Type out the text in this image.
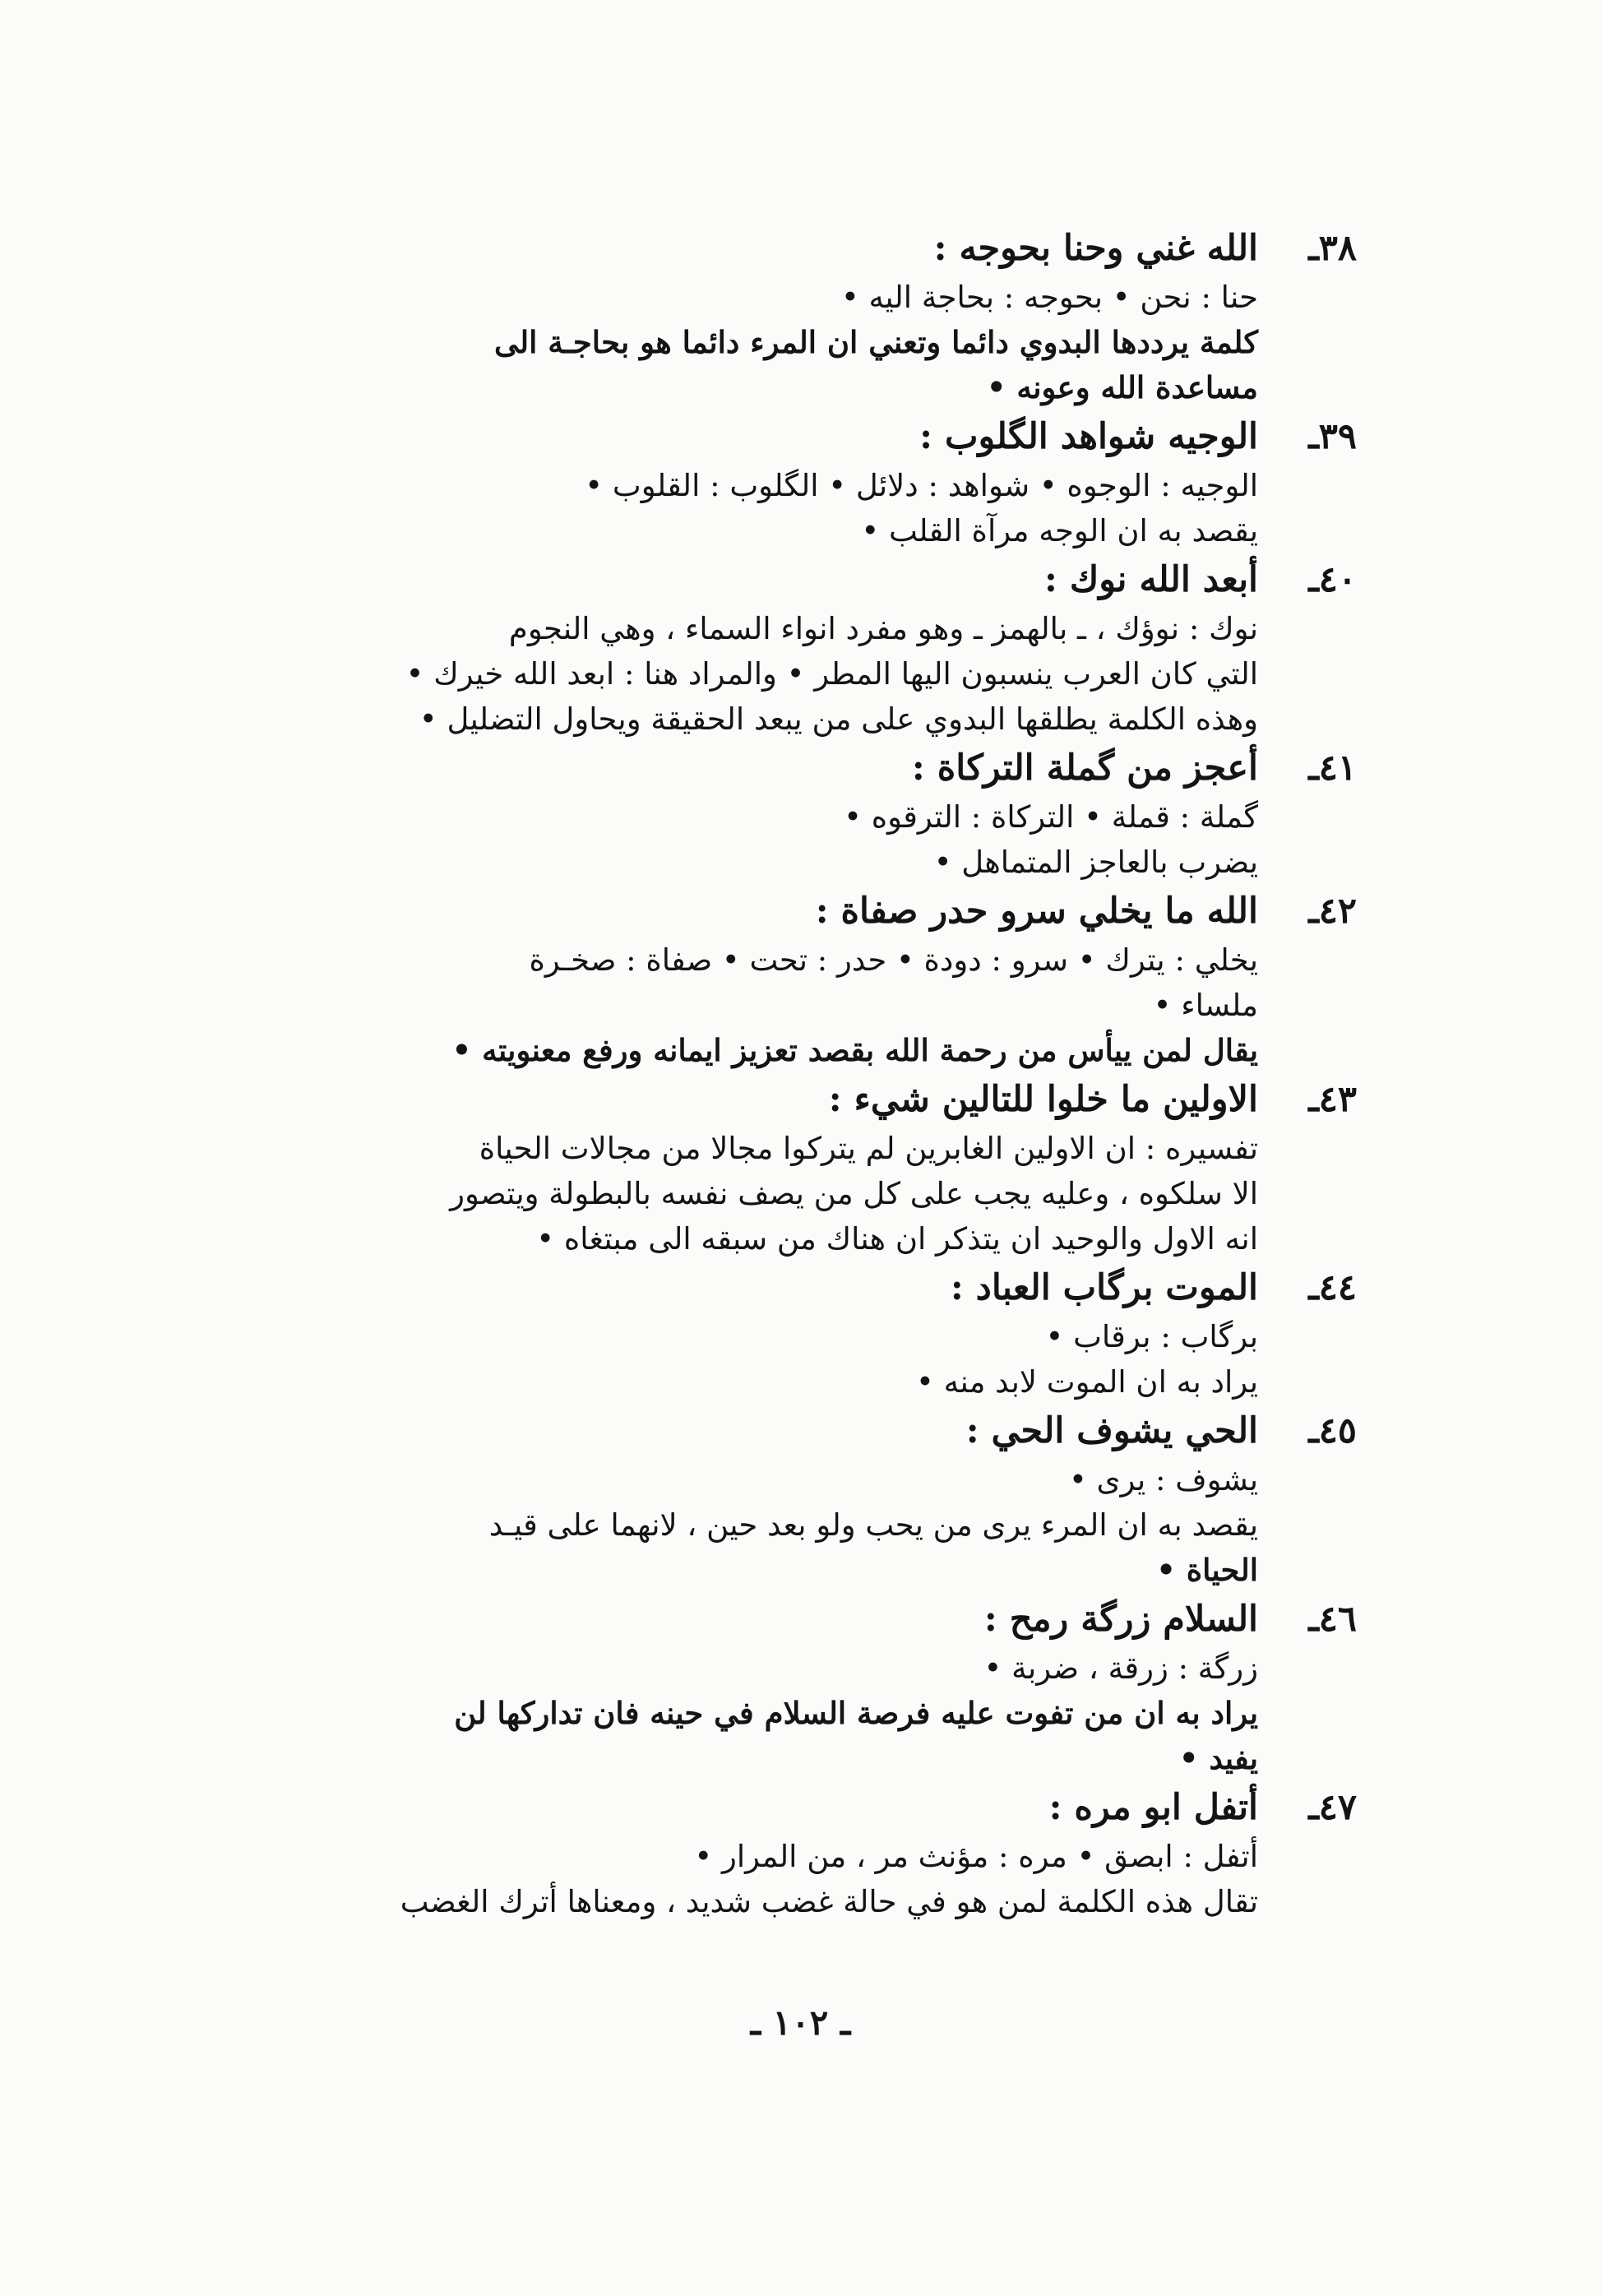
٣٨ـ
الله غني وحنا بحوجه :
حنا : نحن • بحوجه : بحاجة اليه •
كلمة يرددها البدوي دائما وتعني ان المرء دائما هو بحاجـة الى
مساعدة الله وعونه •
٣٩ـ
الوجيه شواهد الگلوب :
الوجيه : الوجوه • شواهد : دلائل • الگلوب : القلوب •
يقصد به ان الوجه مرآة القلب •
٤٠ـ
أبعد الله نوك :
نوك : نوؤك ، ـ بالهمز ـ وهو مفرد انواء السماء ، وهي النجوم
التي كان العرب ينسبون اليها المطر • والمراد هنا : ابعد الله خيرك •
وهذه الكلمة يطلقها البدوي على من يبعد الحقيقة ويحاول التضليل •
٤١ـ
أعجز من گملة التركاة :
گملة : قملة • التركاة : الترقوه •
يضرب بالعاجز المتماهل •
٤٢ـ
الله ما يخلي سرو حدر صفاة :
يخلي : يترك • سرو : دودة • حدر : تحت • صفاة : صخـرة
ملساء •
يقال لمن ييأس من رحمة الله بقصد تعزيز ايمانه ورفع معنويته •
٤٣ـ
الاولين ما خلوا للتالين شيء :
تفسيره : ان الاولين الغابرين لم يتركوا مجالا من مجالات الحياة
الا سلكوه ، وعليه يجب على كل من يصف نفسه بالبطولة ويتصور
انه الاول والوحيد ان يتذكر ان هناك من سبقه الى مبتغاه •
٤٤ـ
الموت برگاب العباد :
برگاب : برقاب •
يراد به ان الموت لابد منه •
٤٥ـ
الحي يشوف الحي :
يشوف : يرى •
يقصد به ان المرء يرى من يحب ولو بعد حين ، لانهما على قيـد
الحياة •
٤٦ـ
السلام زرگة رمح :
زرگة : زرقة ، ضربة •
يراد به ان من تفوت عليه فرصة السلام في حينه فان تداركها لن
يفيد •
٤٧ـ
أتفل ابو مره :
أتفل : ابصق • مره : مؤنث مر ، من المرار •
تقال هذه الكلمة لمن هو في حالة غضب شديد ، ومعناها أترك الغضب
ـ ١٠٢ ـ
